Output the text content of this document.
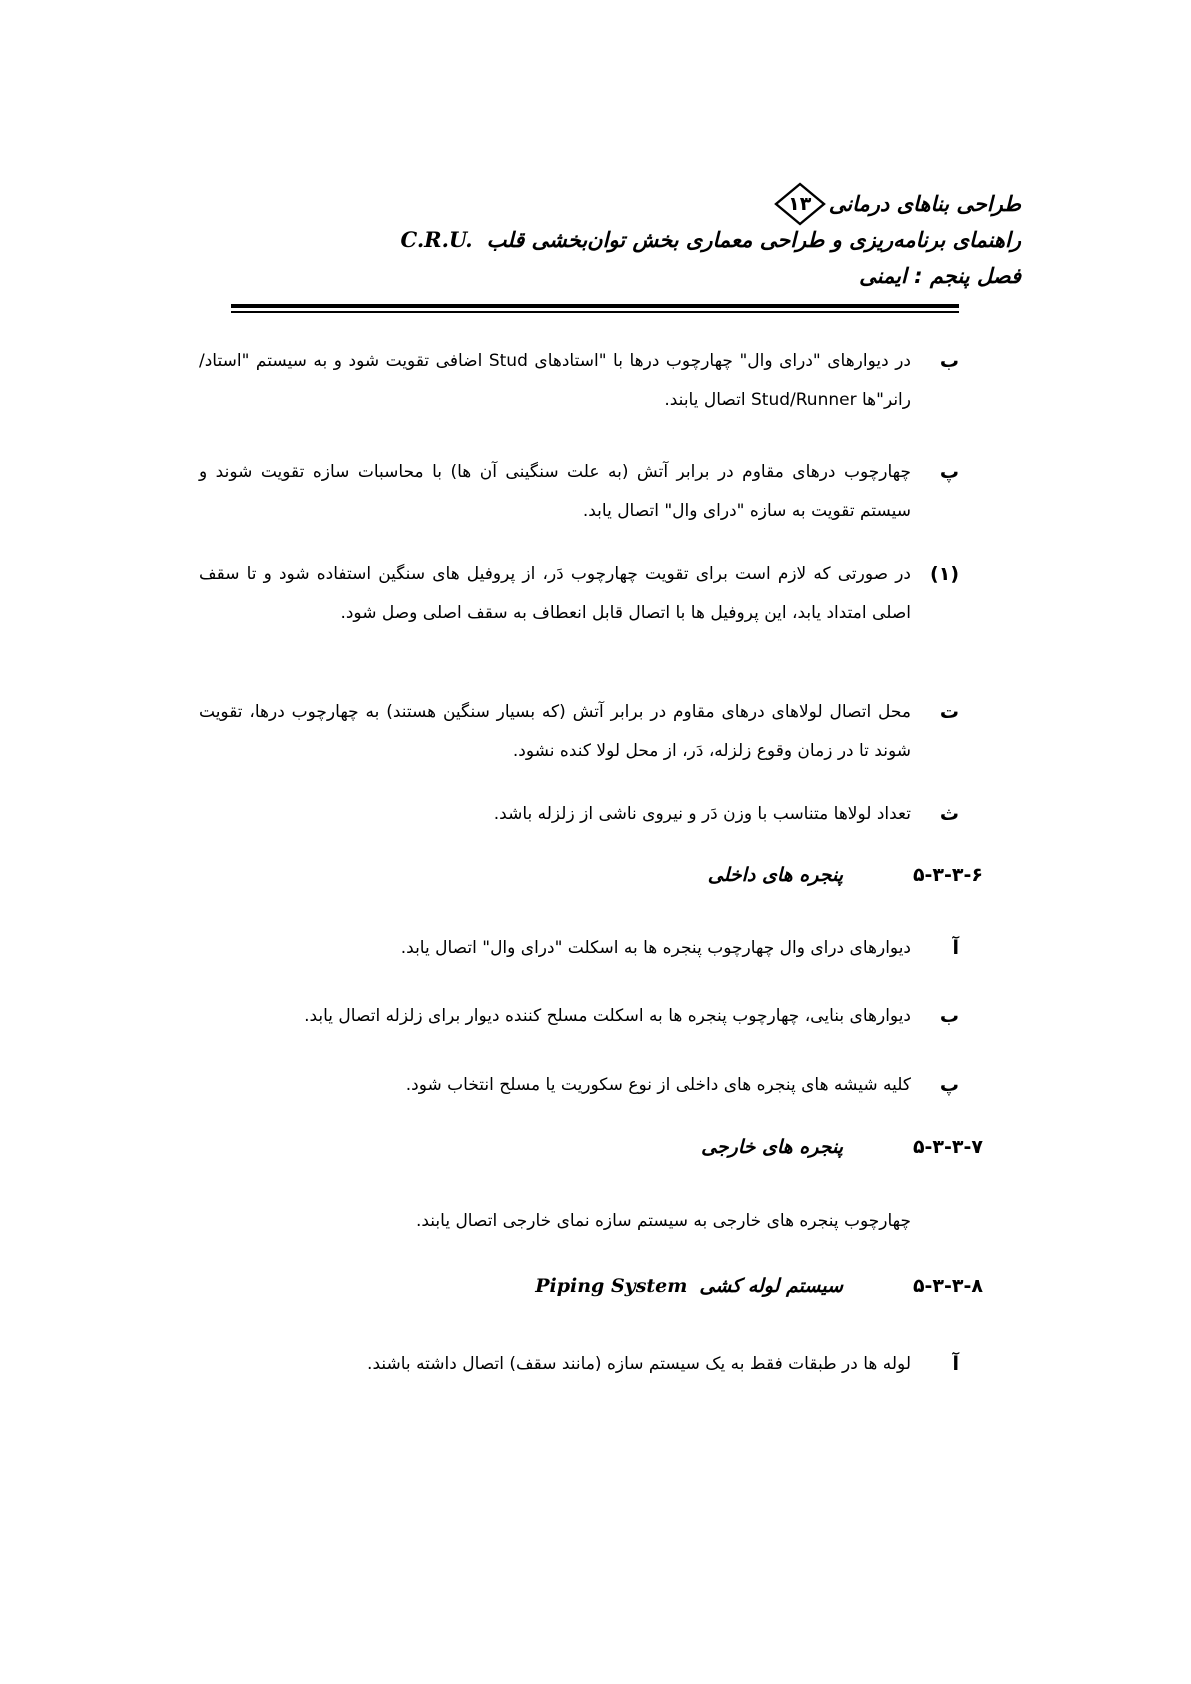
طراحی بناهای درمانی
۱۳
راهنمای برنامه‌ریزی و طراحی معماری بخش توان‌بخشی قلب
C.R.U.
فصل پنجم : ایمنی
ب
در دیوارهای "درای وال" چهارچوب درها با "استادهای Stud اضافی تقویت شود و به سیستم "استاد/رانر"ها Stud/Runner اتصال یابند.
پ
چهارچوب درهای مقاوم در برابر آتش (به علت سنگینی آن ها) با محاسبات سازه تقویت شوند و سیستم تقویت به سازه "درای وال" اتصال یابد.
(۱)
در صورتی که لازم است برای تقویت چهارچوب دَر، از پروفیل های سنگین استفاده شود و تا سقف اصلی امتداد یابد، این پروفیل ها با اتصال قابل انعطاف به سقف اصلی وصل شود.
ت
محل اتصال لولاهای درهای مقاوم در برابر آتش (که بسیار سنگین هستند) به چهارچوب درها، تقویت شوند تا در زمان وقوع زلزله، دَر، از محل لولا کنده نشود.
ث
تعداد لولاها متناسب با وزن دَر و نیروی ناشی از زلزله باشد.
۵-۳-۳-۶
پنجره های داخلی
آ
دیوارهای درای وال چهارچوب پنجره ها به اسکلت "درای وال" اتصال یابد.
ب
دیوارهای بنایی، چهارچوب پنجره ها به اسکلت مسلح کننده دیوار برای زلزله اتصال یابد.
پ
کلیه شیشه های پنجره های داخلی از نوع سکوریت یا مسلح انتخاب شود.
۵-۳-۳-۷
پنجره های خارجی
چهارچوب پنجره های خارجی به سیستم سازه نمای خارجی اتصال یابند.
۵-۳-۳-۸
سیستم لوله کشی
Piping System
آ
لوله ها در طبقات فقط به یک سیستم سازه (مانند سقف) اتصال داشته باشند.
